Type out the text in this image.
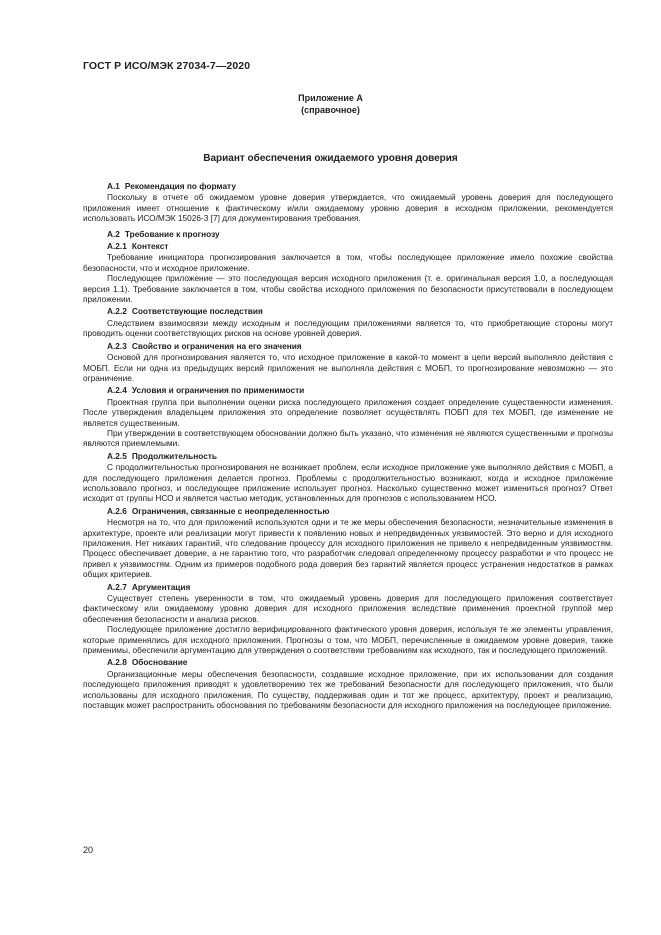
ГОСТ Р ИСО/МЭК 27034-7—2020
Приложение А
(справочное)
Вариант обеспечения ожидаемого уровня доверия
А.1 Рекомендация по формату

Поскольку в отчете об ожидаемом уровне доверия утверждается, что ожидаемый уровень доверия для последующего приложения имеет отношение к фактическому и/или ожидаемому уровню доверия в исходном приложении, рекомендуется использовать ИСО/МЭК 15026-3 [7] для документирования требования.

А.2 Требование к прогнозу
А.2.1 Контекст

Требование инициатора прогнозирования заключается в том, чтобы последующее приложение имело похожие свойства безопасности, что и исходное приложение.

Последующее приложение — это последующая версия исходного приложения (т. е. оригинальная версия 1.0, а последующая версия 1.1). Требование заключается в том, чтобы свойства исходного приложения по безопасности присутствовали в последующем приложении.

А.2.2 Соответствующие последствия

Следствием взаимосвязи между исходным и последующим приложениями является то, что приобретающие стороны могут проводить оценки соответствующих рисков на основе уровней доверия.

А.2.3 Свойство и ограничения на его значения

Основой для прогнозирования является то, что исходное приложение в какой-то момент в цепи версий выполняло действия с МОБП. Если ни одна из предыдущих версий приложения не выполняла действия с МОБП, то прогнозирование невозможно — это ограничение.

А.2.4 Условия и ограничения по применимости

Проектная группа при выполнении оценки риска последующего приложения создает определение существенности изменения. После утверждения владельцем приложения это определение позволяет осуществлять ПОБП для тех МОБП, где изменение не является существенным.

При утверждении в соответствующем обосновании должно быть указано, что изменения не являются существенными и прогнозы являются приемлемыми.

А.2.5 Продолжительность

С продолжительностью прогнозирования не возникает проблем, если исходное приложение уже выполняло действия с МОБП, а для последующего приложения делается прогноз. Проблемы с продолжительностью возникают, когда и исходное приложение использовало прогноз, и последующее приложение использует прогноз. Насколько существенно может измениться прогноз? Ответ исходит от группы НСО и является частью методик, установленных для прогнозов с использованием НСО.

А.2.6 Ограничения, связанные с неопределенностью

Несмотря на то, что для приложений используются одни и те же меры обеспечения безопасности, незначительные изменения в архитектуре, проекте или реализации могут привести к появлению новых и непредвиденных уязвимостей. Это верно и для исходного приложения. Нет никаких гарантий, что следование процессу для исходного приложения не привело к непредвиденным уязвимостям. Процесс обеспечивает доверие, а не гарантию того, что разработчик следовал определенному процессу разработки и что процесс не привел к уязвимостям. Одним из примеров подобного рода доверия без гарантий является процесс устранения недостатков в рамках общих критериев.

А.2.7 Аргументация

Существует степень уверенности в том, что ожидаемый уровень доверия для последующего приложения соответствует фактическому или ожидаемому уровню доверия для исходного приложения вследствие применения проектной группой мер обеспечения безопасности и анализа рисков.

Последующее приложение достигло верифицированного фактического уровня доверия, используя те же элементы управления, которые применялись для исходного приложения. Прогнозы о том, что МОБП, перечисленные в ожидаемом уровне доверия, также применимы, обеспечили аргументацию для утверждения о соответствии требованиям как исходного, так и последующего приложений.

А.2.8 Обоснование

Организационные меры обеспечения безопасности, создавшие исходное приложение, при их использовании для создания последующего приложения приводят к удовлетворению тех же требований безопасности для последующего приложения, что были использованы для исходного приложения. По существу, поддерживая один и тот же процесс, архитектуру, проект и реализацию, поставщик может распространить обоснования по требованиям безопасности для исходного приложения на последующее приложение.

20
